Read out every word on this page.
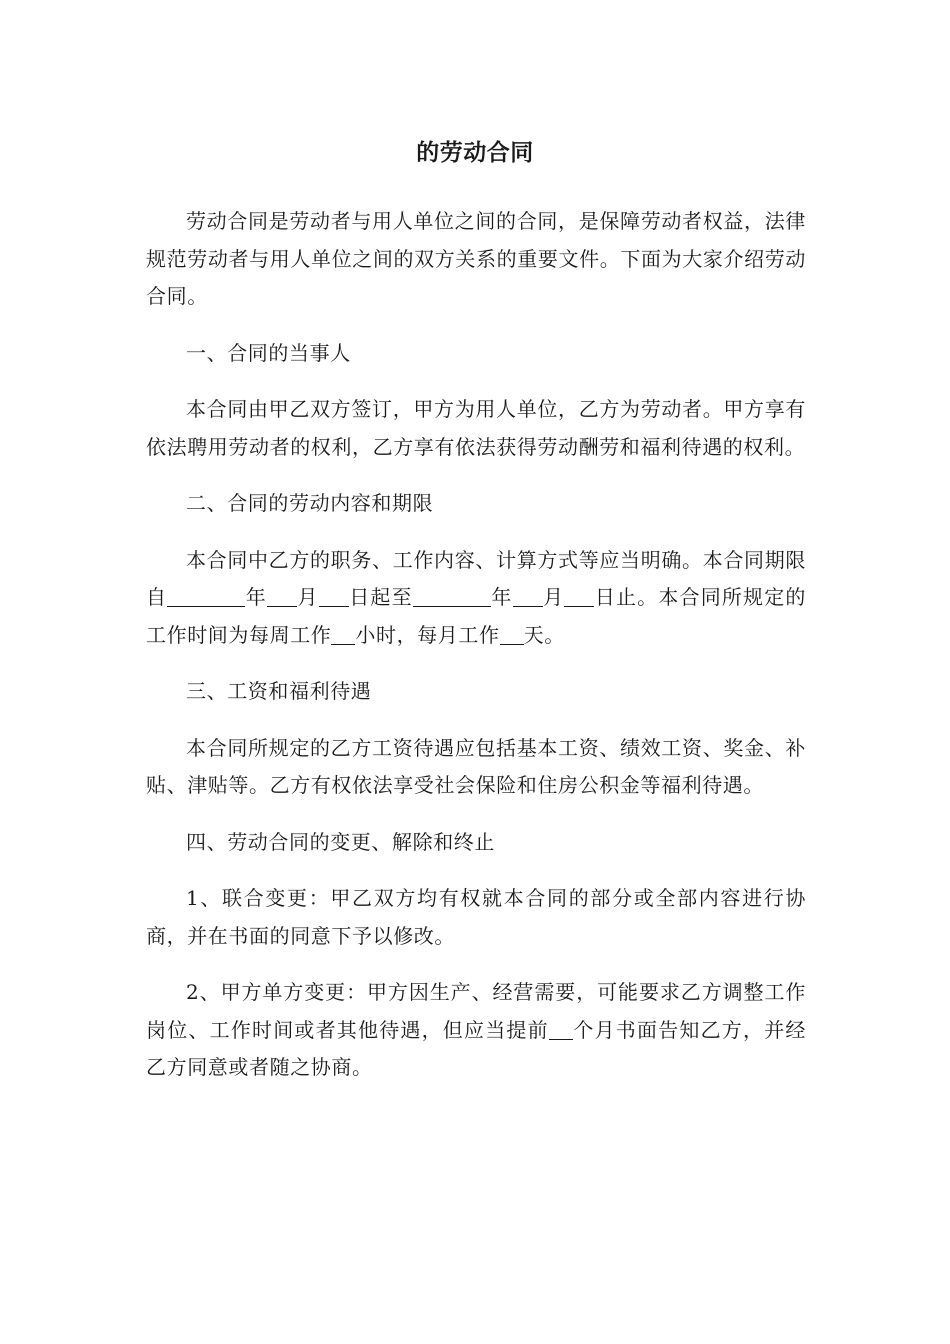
的劳动合同

劳动合同是劳动者与用人单位之间的合同，是保障劳动者权益，法律规范劳动者与用人单位之间的双方关系的重要文件。下面为大家介绍劳动合同。

一、合同的当事人

本合同由甲乙双方签订，甲方为用人单位，乙方为劳动者。甲方享有依法聘用劳动者的权利，乙方享有依法获得劳动酬劳和福利待遇的权利。

二、合同的劳动内容和期限

本合同中乙方的职务、工作内容、计算方式等应当明确。本合同期限自	年 月 日起至	年 月 日止。本合同所规定的工作时间为每周工作 小时，每月工作 天。

三、工资和福利待遇

本合同所规定的乙方工资待遇应包括基本工资、绩效工资、奖金、补贴、津贴等。乙方有权依法享受社会保险和住房公积金等福利待遇。

四、劳动合同的变更、解除和终止

1、联合变更：甲乙双方均有权就本合同的部分或全部内容进行协商，并在书面的同意下予以修改。

2、甲方单方变更：甲方因生产、经营需要，可能要求乙方调整工作岗位、工作时间或者其他待遇，但应当提前 个月书面告知乙方，并经乙方同意或者随之协商。
